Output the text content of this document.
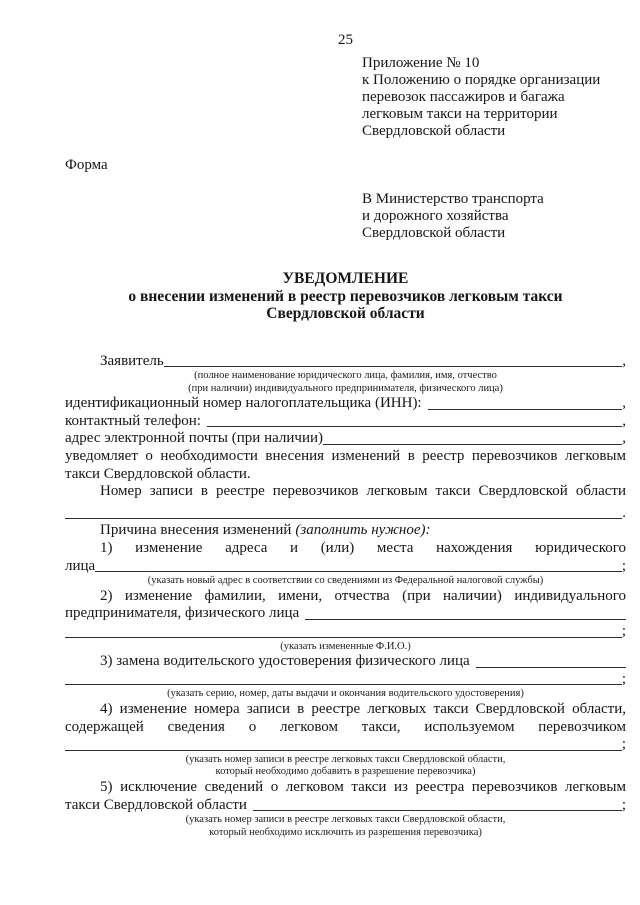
25
Приложение № 10
к Положению о порядке организации
перевозок пассажиров и багажа
легковым такси на территории
Свердловской области
Форма
В Министерство транспорта
и дорожного хозяйства
Свердловской области
УВЕДОМЛЕНИЕ
о внесении изменений в реестр перевозчиков легковым такси
Свердловской области
Заявитель	,
(полное наименование юридического лица, фамилия, имя, отчество
(при наличии) индивидуального предпринимателя, физического лица)
идентификационный номер налогоплательщика (ИНН):	,
контактный телефон:	,
адрес электронной почты (при наличии)	,
уведомляет о необходимости внесения изменений в реестр перевозчиков легковым
такси Свердловской области.
Номер записи в реестре перевозчиков легковым такси Свердловской области
.
Причина внесения изменений (заполнить нужное):
1) изменение адреса и (или) места нахождения юридического
лица	;
(указать новый адрес в соответствии со сведениями из Федеральной налоговой службы)
2) изменение фамилии, имени, отчества (при наличии) индивидуального
предпринимателя, физического лица
;
(указать измененные Ф.И.О.)
3) замена водительского удостоверения физического лица
;
(указать серию, номер, даты выдачи и окончания водительского удостоверения)
4) изменение номера записи в реестре легковых такси Свердловской области,
содержащей сведения о легковом такси, используемом перевозчиком
;
(указать номер записи в реестре легковых такси Свердловской области,
который необходимо добавить в разрешение перевозчика)
5) исключение сведений о легковом такси из реестра перевозчиков легковым
такси Свердловской области	;
(указать номер записи в реестре легковых такси Свердловской области,
который необходимо исключить из разрешения перевозчика)
